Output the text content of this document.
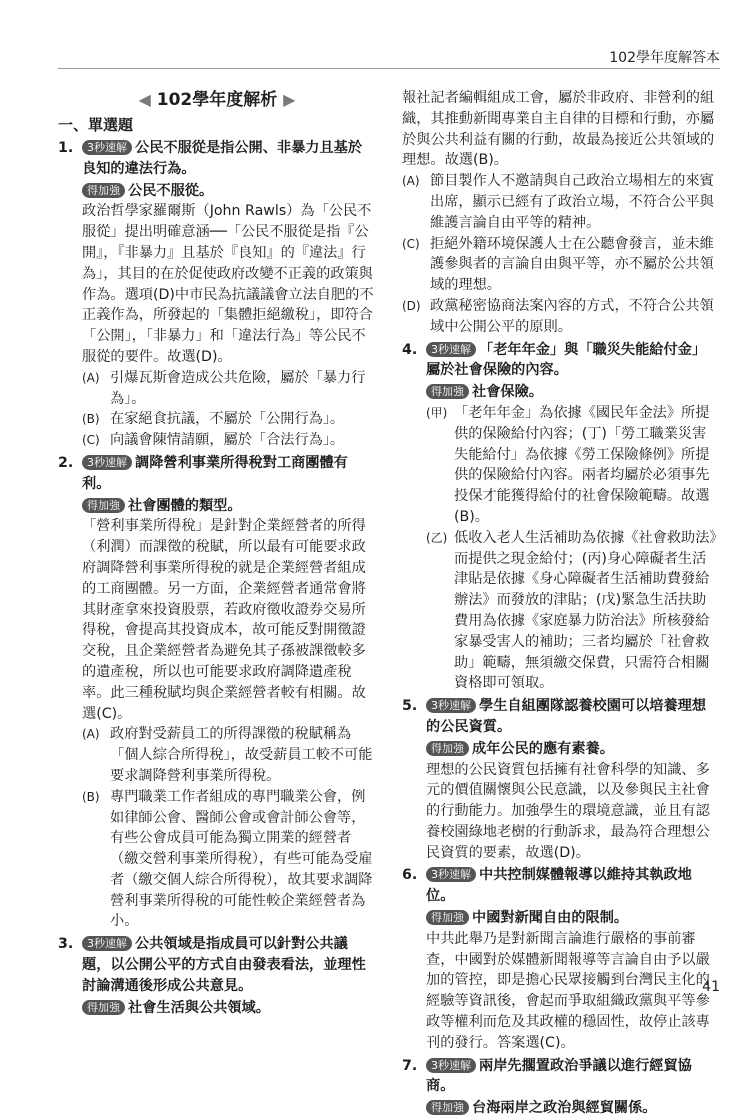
102學年度解答本
◀ 102學年度解析 ▶
一、單選題
1.	3秒速解 公民不服從是指公開、非暴力且基於良知的違法行為。
得加強 公民不服從。
政治哲學家羅爾斯（John Rawls）為「公民不服從」提出明確意涵──「公民不服從是指『公開』，『非暴力』且基於『良知』的『違法』行為」，其目的在於促使政府改變不正義的政策與作為。選項(D)中市民為抗議議會立法自肥的不正義作為，所發起的「集體拒絕繳稅」，即符合「公開」，「非暴力」和「違法行為」等公民不服從的要件。故選(D)。
(A) 引爆瓦斯會造成公共危險，屬於「暴力行為」。
(B) 在家絕食抗議，不屬於「公開行為」。
(C) 向議會陳情請願，屬於「合法行為」。
2.	3秒速解 調降營利事業所得稅對工商團體有利。
得加強 社會團體的類型。
「營利事業所得稅」是針對企業經營者的所得（利潤）而課徵的稅賦，所以最有可能要求政府調降營利事業所得稅的就是企業經營者組成的工商團體。另一方面，企業經營者通常會將其財產拿來投資股票，若政府徵收證券交易所得稅，會提高其投資成本，故可能反對開徵證交稅，且企業經營者為避免其子孫被課徵較多的遺產稅，所以也可能要求政府調降遺產稅率。此三種稅賦均與企業經營者較有相關。故選(C)。
(A) 政府對受薪員工的所得課徵的稅賦稱為「個人綜合所得稅」，故受薪員工較不可能要求調降營利事業所得稅。
(B) 專門職業工作者組成的專門職業公會，例如律師公會、醫師公會或會計師公會等，有些公會成員可能為獨立開業的經營者（繳交營利事業所得稅），有些可能為受雇者（繳交個人綜合所得稅），故其要求調降營利事業所得稅的可能性較企業經營者為小。
3.	3秒速解 公共領域是指成員可以針對公共議題，以公開公平的方式自由發表看法，並理性討論溝通後形成公共意見。
得加強 社會生活與公共領域。
報社記者編輯組成工會，屬於非政府、非營利的組織，其推動新聞專業自主自律的目標和行動，亦屬於與公共利益有關的行動，故最為接近公共領域的理想。故選(B)。
(A) 節目製作人不邀請與自己政治立場相左的來賓出席，顯示已經有了政治立場，不符合公平與維護言論自由平等的精神。
(C) 拒絕外籍环境保護人士在公聽會發言，並未維護參與者的言論自由與平等，亦不屬於公共領域的理想。
(D) 政黨秘密協商法案內容的方式，不符合公共領域中公開公平的原則。
4.	3秒速解 「老年年金」與「職災失能給付金」屬於社會保險的內容。
得加強 社會保險。
(甲) 「老年年金」為依據《國民年金法》所提供的保險給付內容；(丁)「勞工職業災害失能給付」為依據《勞工保險條例》所提供的保險給付內容。兩者均屬於必須事先投保才能獲得給付的社會保險範疇。故選(B)。
(乙) 低收入老人生活補助為依據《社會救助法》而提供之現金給付；(丙)身心障礙者生活津貼是依據《身心障礙者生活補助費發給辦法》而發放的津貼；(戊)緊急生活扶助費用為依據《家庭暴力防治法》所核發給家暴受害人的補助；三者均屬於「社會救助」範疇，無須繳交保費，只需符合相關資格即可領取。
5.	3秒速解 學生自組團隊認養校園可以培養理想的公民資質。
得加強 成年公民的應有素養。
理想的公民資質包括擁有社會科學的知識、多元的價值關懷與公民意識，以及參與民主社會的行動能力。加強學生的環境意識，並且有認養校園綠地老樹的行動訴求，最為符合理想公民資質的要素，故選(D)。
6.	3秒速解 中共控制媒體報導以維持其執政地位。
得加強 中國對新聞自由的限制。
中共此舉乃是對新聞言論進行嚴格的事前審查，中國對於媒體新聞報導等言論自由予以嚴加的管控，即是擔心民眾接觸到台灣民主化的經驗等資訊後，會起而爭取組織政黨與平等參政等權利而危及其政權的穩固性，故停止該專刊的發行。答案選(C)。
7.	3秒速解 兩岸先擱置政治爭議以進行經貿協商。
得加強 台海兩岸之政治與經貿關係。
41
